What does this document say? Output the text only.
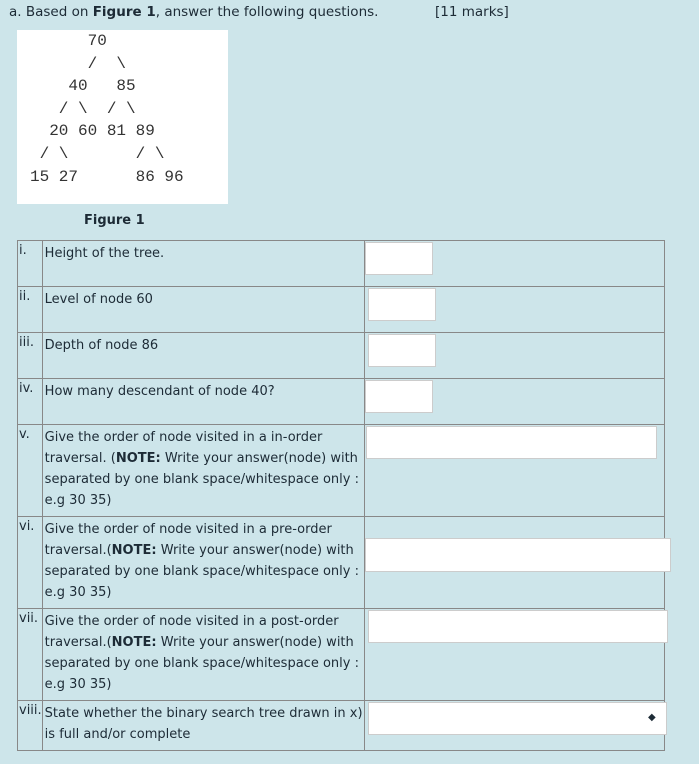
a. Based on Figure 1, answer the following questions.	[11 marks]
70
/  \
40   85
/ \  / \
20 60 81 89
/ \       / \
15 27      86 96
Figure 1
i.	Height of the tree.	

ii.	Level of node 60	

iii.	Depth of node 86	

iv.	How many descendant of node 40?	

v.	Give the order of node visited in a in-order traversal. (NOTE: Write your answer(node) with separated by one blank space/whitespace only : e.g 30 35)	

vi.	Give the order of node visited in a pre-order traversal.(NOTE: Write your answer(node) with separated by one blank space/whitespace only : e.g 30 35)	

vii.	Give the order of node visited in a post-order traversal.(NOTE: Write your answer(node) with separated by one blank space/whitespace only : e.g 30 35)	

viii.	State whether the binary search tree drawn in x) is full and/or complete	◆
